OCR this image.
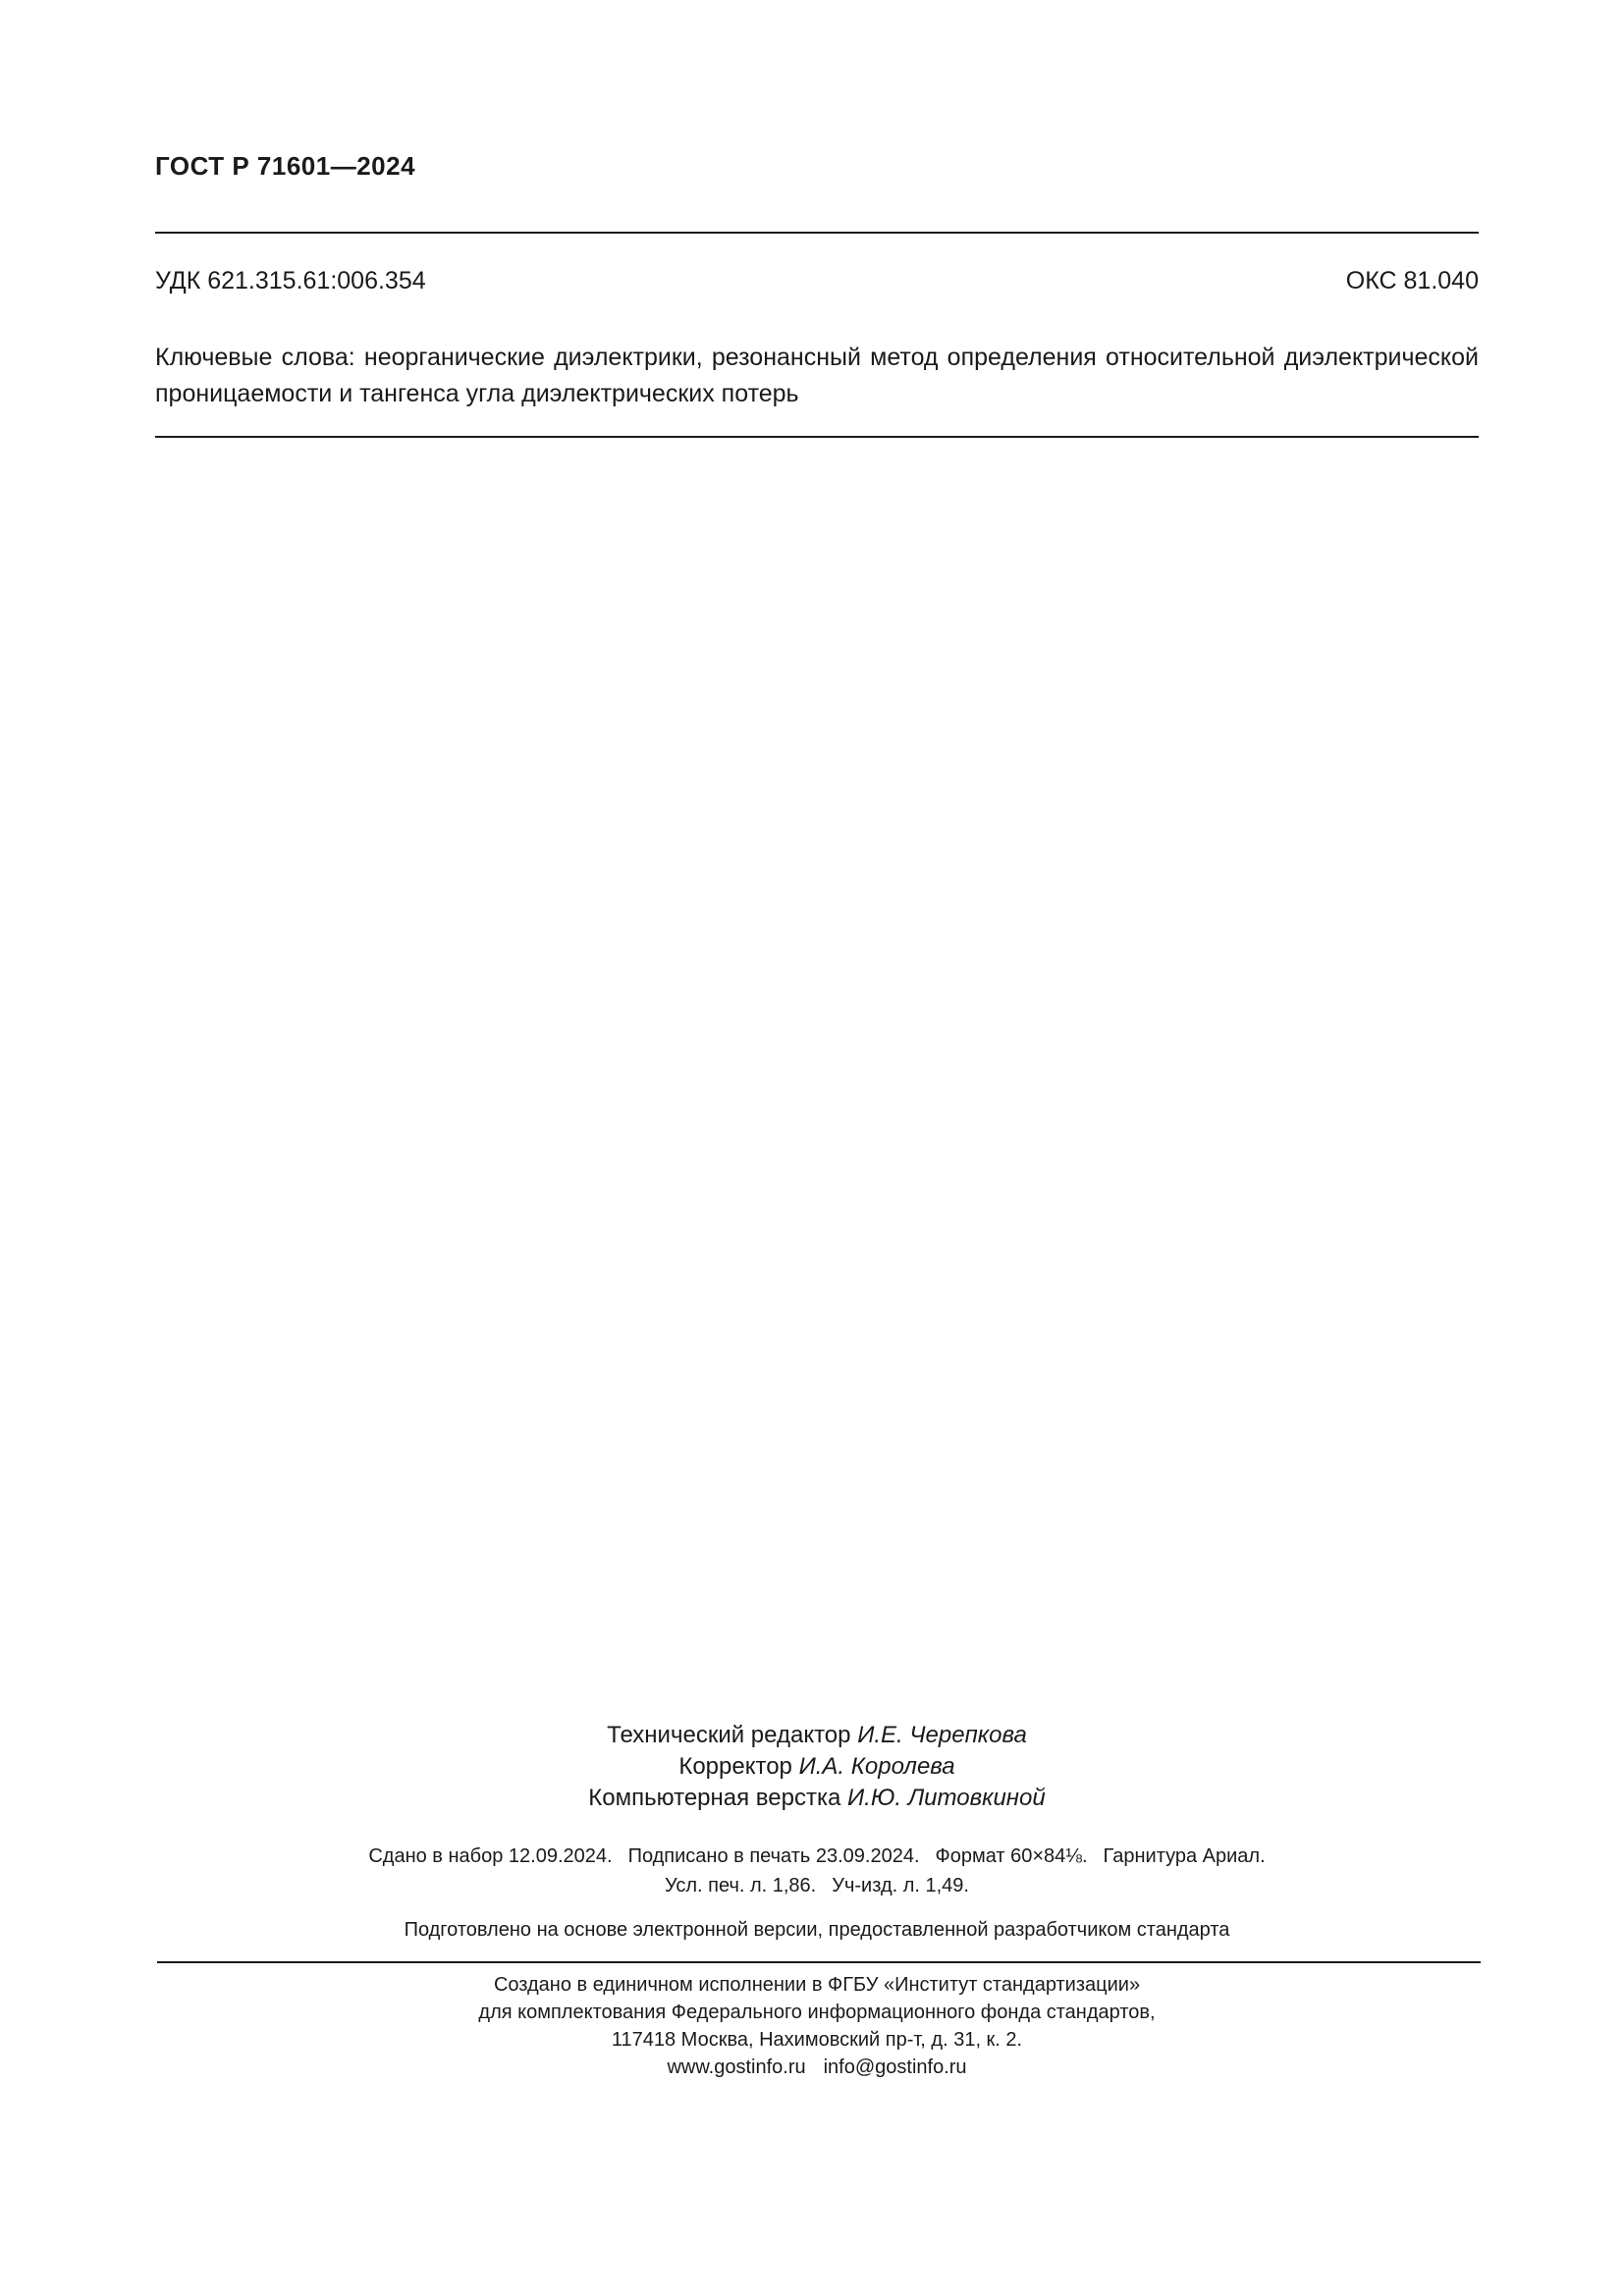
ГОСТ Р 71601—2024
УДК 621.315.61:006.354	ОКС 81.040
Ключевые слова: неорганические диэлектрики, резонансный метод определения относительной диэлектрической проницаемости и тангенса угла диэлектрических потерь
Технический редактор И.Е. Черепкова
Корректор И.А. Королева
Компьютерная верстка И.Ю. Литовкиной
Сдано в набор 12.09.2024. Подписано в печать 23.09.2024. Формат 60×84⅛. Гарнитура Ариал.
Усл. печ. л. 1,86. Уч-изд. л. 1,49.
Подготовлено на основе электронной версии, предоставленной разработчиком стандарта
Создано в единичном исполнении в ФГБУ «Институт стандартизации»
для комплектования Федерального информационного фонда стандартов,
117418 Москва, Нахимовский пр-т, д. 31, к. 2.
www.gostinfo.ru info@gostinfo.ru
